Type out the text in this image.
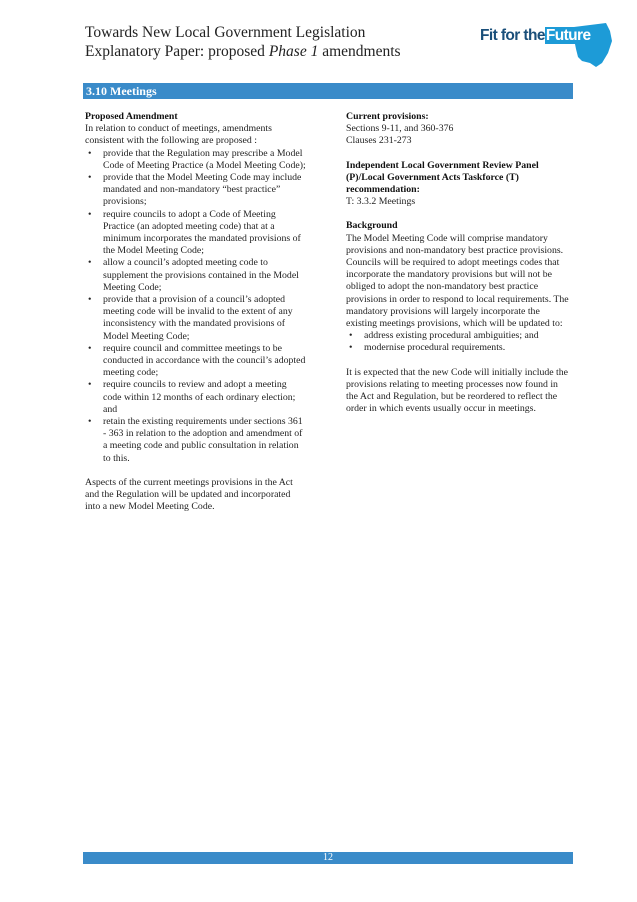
Towards New Local Government Legislation
Explanatory Paper: proposed Phase 1 amendments
Fit for theFuture
3.10 Meetings
Proposed Amendment

In relation to conduct of meetings, amendments consistent with the following are proposed :

• provide that the Regulation may prescribe a Model Code of Meeting Practice (a Model Meeting Code);
• provide that the Model Meeting Code may include mandated and non-mandatory “best practice” provisions;
• require councils to adopt a Code of Meeting Practice (an adopted meeting code) that at a minimum incorporates the mandated provisions of the Model Meeting Code;
• allow a council’s adopted meeting code to supplement the provisions contained in the Model Meeting Code;
• provide that a provision of a council’s adopted meeting code will be invalid to the extent of any inconsistency with the mandated provisions of Model Meeting Code;
• require council and committee meetings to be conducted in accordance with the council’s adopted meeting code;
• require councils to review and adopt a meeting code within 12 months of each ordinary election; and
• retain the existing requirements under sections 361 - 363 in relation to the adoption and amendment of a meeting code and public consultation in relation to this.

Aspects of the current meetings provisions in the Act and the Regulation will be updated and incorporated into a new Model Meeting Code.

Current provisions:
Sections 9-11, and 360-376
Clauses 231-273
Independent Local Government Review Panel (P)/Local Government Acts Taskforce (T) recommendation:
T: 3.3.2 Meetings
Background

The Model Meeting Code will comprise mandatory provisions and non-mandatory best practice provisions. Councils will be required to adopt meetings codes that incorporate the mandatory provisions but will not be obliged to adopt the non-mandatory best practice provisions in order to respond to local requirements. The mandatory provisions will largely incorporate the existing meetings provisions, which will be updated to:

• address existing procedural ambiguities; and
• modernise procedural requirements.

It is expected that the new Code will initially include the provisions relating to meeting processes now found in the Act and Regulation, but be reordered to reflect the order in which events usually occur in meetings.

12
